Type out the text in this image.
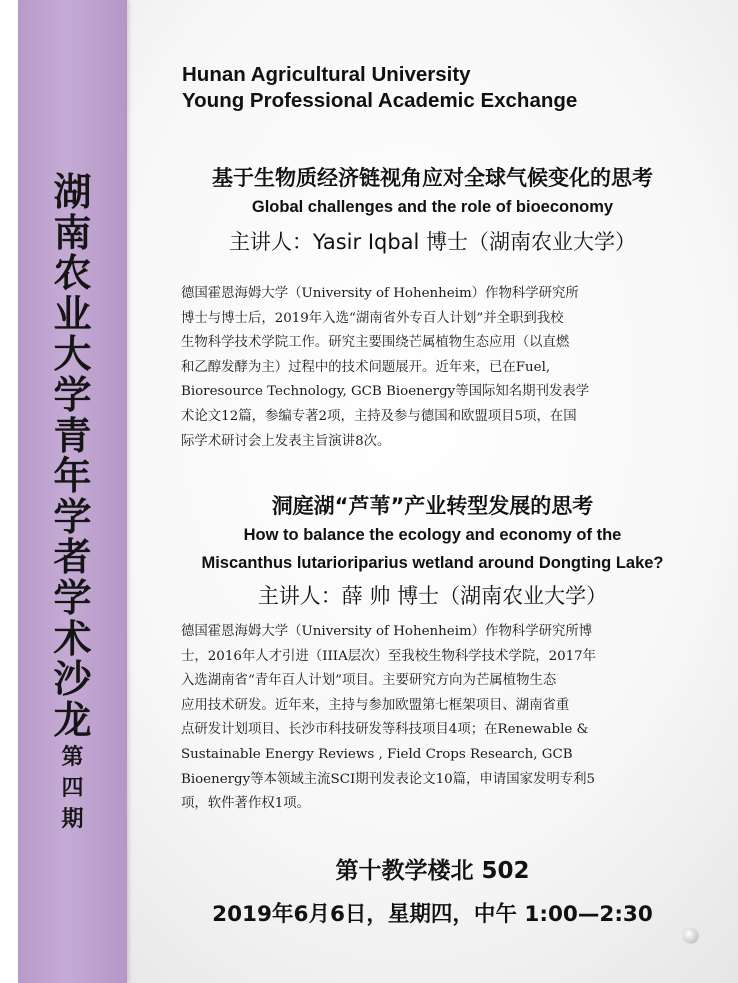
湖
南
农
业
大
学
青
年
学
者
学
术
沙
龙
第
四
期
Hunan Agricultural University
Young Professional Academic Exchange
基于生物质经济链视角应对全球气候变化的思考
Global challenges and the role of bioeconomy
主讲人：Yasir Iqbal 博士（湖南农业大学）
德国霍恩海姆大学（University of Hohenheim）作物科学研究所
博士与博士后，2019年入选“湖南省外专百人计划”并全职到我校
生物科学技术学院工作。研究主要围绕芒属植物生态应用（以直燃
和乙醇发酵为主）过程中的技术问题展开。近年来，已在Fuel,
Bioresource Technology, GCB Bioenergy等国际知名期刊发表学
术论文12篇，参编专著2项，主持及参与德国和欧盟项目5项，在国
际学术研讨会上发表主旨演讲8次。
洞庭湖“芦苇”产业转型发展的思考
How to balance the ecology and economy of the
Miscanthus lutarioriparius wetland around Dongting Lake?
主讲人：薛 帅 博士（湖南农业大学）
德国霍恩海姆大学（University of Hohenheim）作物科学研究所博
士，2016年人才引进（IIIA层次）至我校生物科学技术学院，2017年
入选湖南省“青年百人计划”项目。主要研究方向为芒属植物生态
应用技术研发。近年来，主持与参加欧盟第七框架项目、湖南省重
点研发计划项目、长沙市科技研发等科技项目4项；在Renewable &
Sustainable Energy Reviews , Field Crops Research, GCB
Bioenergy等本领域主流SCI期刊发表论文10篇，申请国家发明专利5
项，软件著作权1项。
第十教学楼北 502
2019年6月6日，星期四，中午 1:00—2:30
